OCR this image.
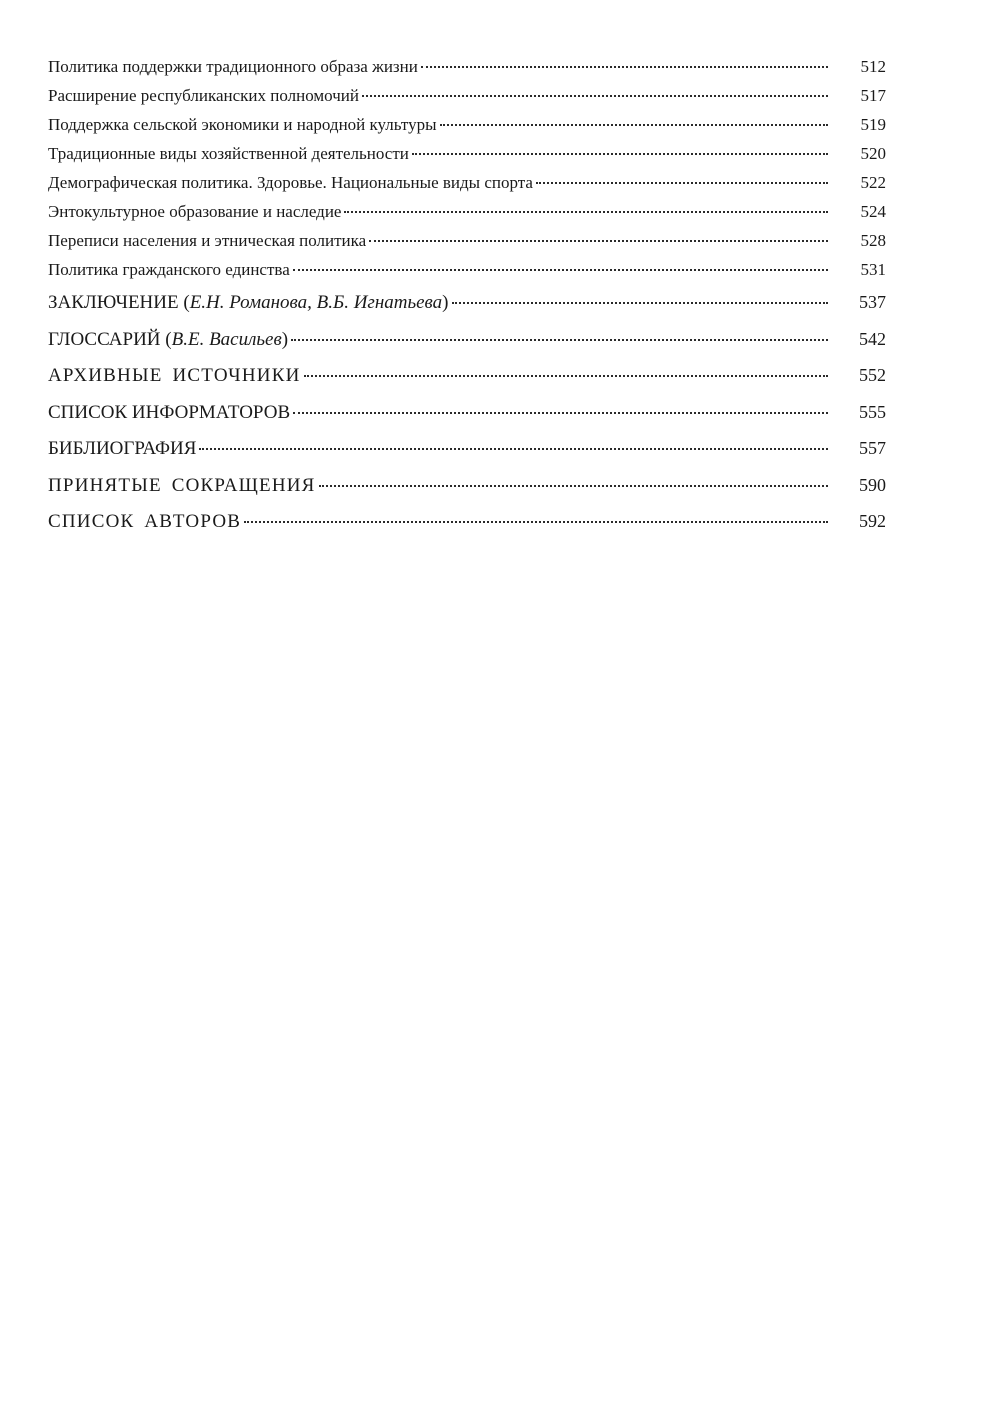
Политика поддержки традиционного образа жизни	512
Расширение республиканских полномочий	517
Поддержка сельской экономики и народной культуры	519
Традиционные виды хозяйственной деятельности	520
Демографическая политика. Здоровье. Национальные виды спорта	522
Энтокультурное образование и наследие	524
Переписи населения и этническая политика	528
Политика гражданского единства	531
ЗАКЛЮЧЕНИЕ (Е.Н. Романова, В.Б. Игнатьева)	537
ГЛОССАРИЙ (В.Е. Васильев)	542
АРХИВНЫЕ ИСТОЧНИКИ	552
СПИСОК ИНФОРМАТОРОВ	555
БИБЛИОГРАФИЯ	557
ПРИНЯТЫЕ СОКРАЩЕНИЯ	590
СПИСОК АВТОРОВ	592
